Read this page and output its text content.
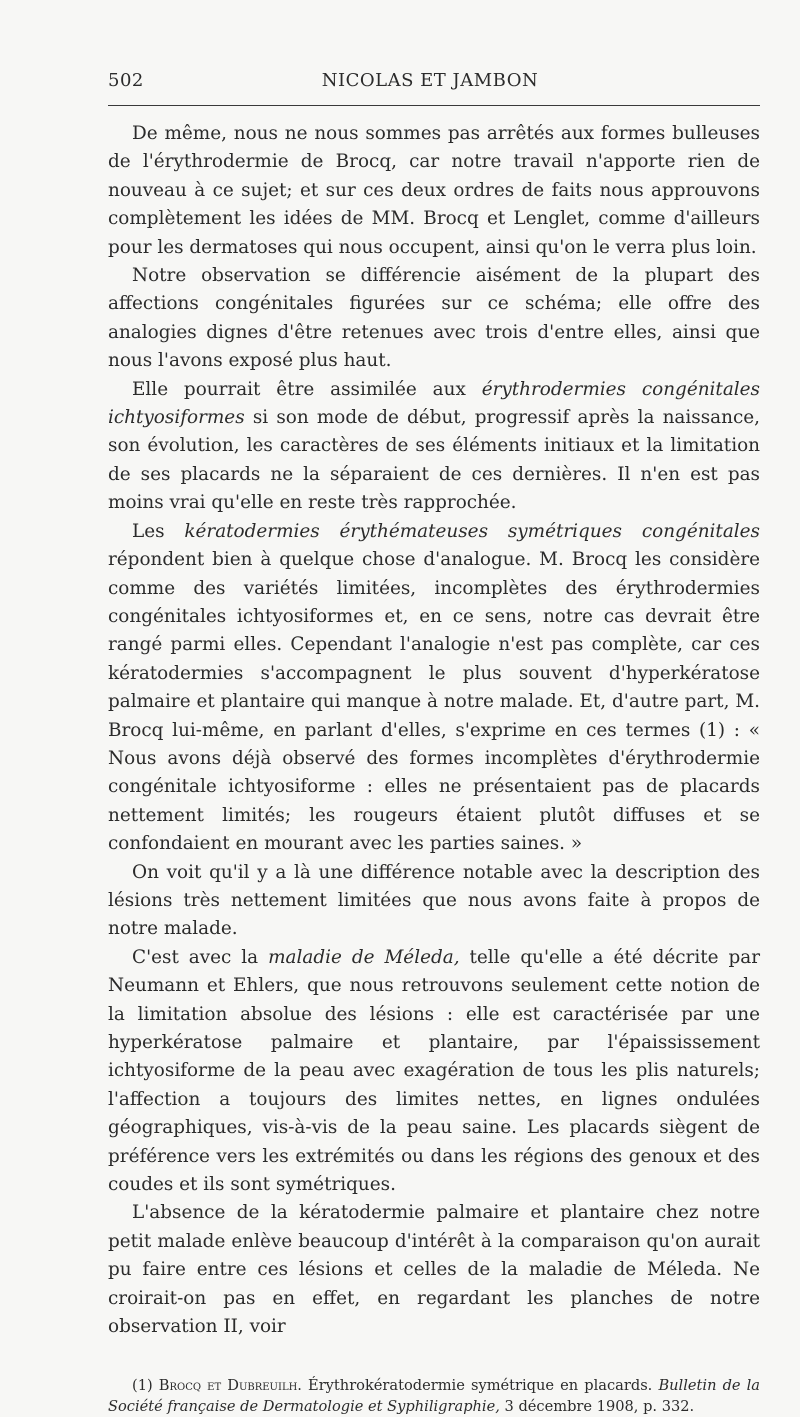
502	NICOLAS ET JAMBON

De même, nous ne nous sommes pas arrêtés aux formes bulleuses de l'érythrodermie de Brocq, car notre travail n'apporte rien de nouveau à ce sujet; et sur ces deux ordres de faits nous approuvons complètement les idées de MM. Brocq et Lenglet, comme d'ailleurs pour les dermatoses qui nous occupent, ainsi qu'on le verra plus loin.

Notre observation se différencie aisément de la plupart des affections congénitales figurées sur ce schéma; elle offre des analogies dignes d'être retenues avec trois d'entre elles, ainsi que nous l'avons exposé plus haut.

Elle pourrait être assimilée aux érythrodermies congénitales ichtyosiformes si son mode de début, progressif après la naissance, son évolution, les caractères de ses éléments initiaux et la limitation de ses placards ne la séparaient de ces dernières. Il n'en est pas moins vrai qu'elle en reste très rapprochée.

Les kératodermies érythémateuses symétriques congénitales répondent bien à quelque chose d'analogue. M. Brocq les considère comme des variétés limitées, incomplètes des érythrodermies congénitales ichtyosiformes et, en ce sens, notre cas devrait être rangé parmi elles. Cependant l'analogie n'est pas complète, car ces kératodermies s'accompagnent le plus souvent d'hyperkératose palmaire et plantaire qui manque à notre malade. Et, d'autre part, M. Brocq lui-même, en parlant d'elles, s'exprime en ces termes (1) : « Nous avons déjà observé des formes incomplètes d'érythrodermie congénitale ichtyosiforme : elles ne présentaient pas de placards nettement limités; les rougeurs étaient plutôt diffuses et se confondaient en mourant avec les parties saines. »

On voit qu'il y a là une différence notable avec la description des lésions très nettement limitées que nous avons faite à propos de notre malade.

C'est avec la maladie de Méleda, telle qu'elle a été décrite par Neumann et Ehlers, que nous retrouvons seulement cette notion de la limitation absolue des lésions : elle est caractérisée par une hyperkératose palmaire et plantaire, par l'épaississement ichtyosiforme de la peau avec exagération de tous les plis naturels; l'affection a toujours des limites nettes, en lignes ondulées géographiques, vis-à-vis de la peau saine. Les placards siègent de préférence vers les extrémités ou dans les régions des genoux et des coudes et ils sont symétriques.

L'absence de la kératodermie palmaire et plantaire chez notre petit malade enlève beaucoup d'intérêt à la comparaison qu'on aurait pu faire entre ces lésions et celles de la maladie de Méleda. Ne croirait-on pas en effet, en regardant les planches de notre observation II, voir

(1) Brocq et Dubreuilh. Érythrokératodermie symétrique en placards. Bulletin de la Société française de Dermatologie et Syphiligraphie, 3 décembre 1908, p. 332.
